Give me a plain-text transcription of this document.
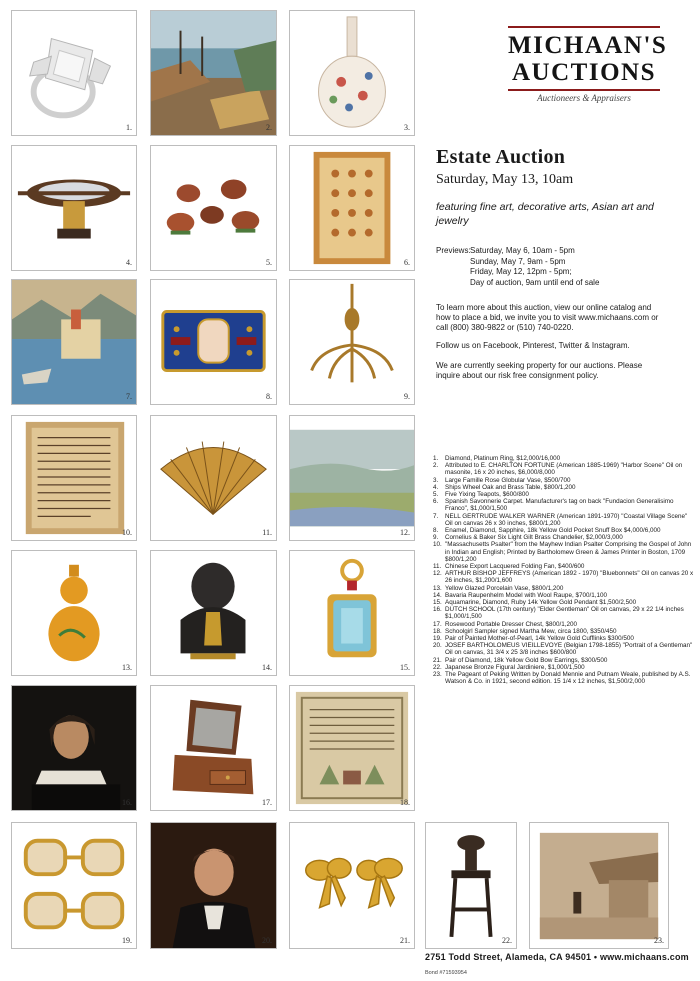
1.	2.	3.
4.	5.	6.
7.	8.	9.
10.	11.	12.
13.	14.	15.
16.	17.	18.
19.	20.	21.	22.	23.
MICHAAN'S
AUCTIONS
Auctioneers & Appraisers
Estate Auction
Saturday, May 13, 10am
featuring fine art, decorative arts, Asian art and jewelry
Previews: Saturday, May 6, 10am - 5pm
Sunday, May 7, 9am - 5pm
Friday, May 12, 12pm - 5pm;
Day of auction, 9am until end of sale
To learn more about this auction, view our online catalog and how to place a bid, we invite you to visit www.michaans.com or call (800) 380-9822 or (510) 740-0220.
Follow us on Facebook, Pinterest, Twitter & Instagram.
We are currently seeking property for our auctions. Please inquire about our risk free consignment policy.
1.	Diamond, Platinum Ring, $12,000/16,000
2.	Attributed to E. CHARLTON FORTUNE (American 1885-1969) "Harbor Scene" Oil on masonite, 16 x 20 inches, $6,000/8,000
3.	Large Famille Rose Globular Vase, $500/700
4.	Ships Wheel Oak and Brass Table, $800/1,200
5.	Five Yixing Teapots, $600/800
6.	Spanish Savonnerie Carpet. Manufacturer's tag on back "Fundacion Generalisimo Franco", $1,000/1,500
7.	NELL GERTRUDE WALKER WARNER (American 1891-1970) "Coastal Village Scene" Oil on canvas 26 x 30 inches, $800/1,200
8.	Enamel, Diamond, Sapphire, 18k Yellow Gold Pocket Snuff Box $4,000/6,000
9.	Cornelius & Baker Six Light Gilt Brass Chandelier, $2,000/3,000
10. "Massachusetts Psalter" from the Mayhew Indian Psalter Comprising the Gospel of John in Indian and English; Printed by Bartholomew Green & James Printer in Boston, 1709 $800/1,200
11. Chinese Export Lacquered Folding Fan, $400/600
12. ARTHUR BISHOP JEFFREYS (American 1892 - 1970) "Bluebonnets" Oil on canvas 20 x 26 inches, $1,200/1,600
13. Yellow Glazed Porcelain Vase, $800/1,200
14. Bavaria Raupenhelm Model with Wool Raupe, $700/1,100
15. Aquamarine, Diamond, Ruby 14k Yellow Gold Pendant $1,500/2,500
16. DUTCH SCHOOL (17th century) "Elder Gentleman" Oil on canvas, 29 x 22 1/4 inches $1,000/1,500
17. Rosewood Portable Dresser Chest, $800/1,200
18. Schoolgirl Sampler signed Martha Mew, circa 1800, $350/450
19. Pair of Painted Mother-of-Pearl, 14k Yellow Gold Cufflinks $300/500
20. JOSEF BARTHOLOMEUS VIEILLEVOYE (Belgian 1798-1855) "Portrait of a Gentleman" Oil on canvas, 31 3/4 x 25 3/8 inches $600/800
21. Pair of Diamond, 18k Yellow Gold Bow Earrings, $300/500
22. Japanese Bronze Figural Jardiniere, $1,000/1,500
23. The Pageant of Peking Written by Donald Mennie and Putnam Weale, published by A.S. Watson & Co. in 1921, second edition. 15 1/4 x 12 inches, $1,500/2,000
2751 Todd Street, Alameda, CA 94501 • www.michaans.com
Bond #71593954
